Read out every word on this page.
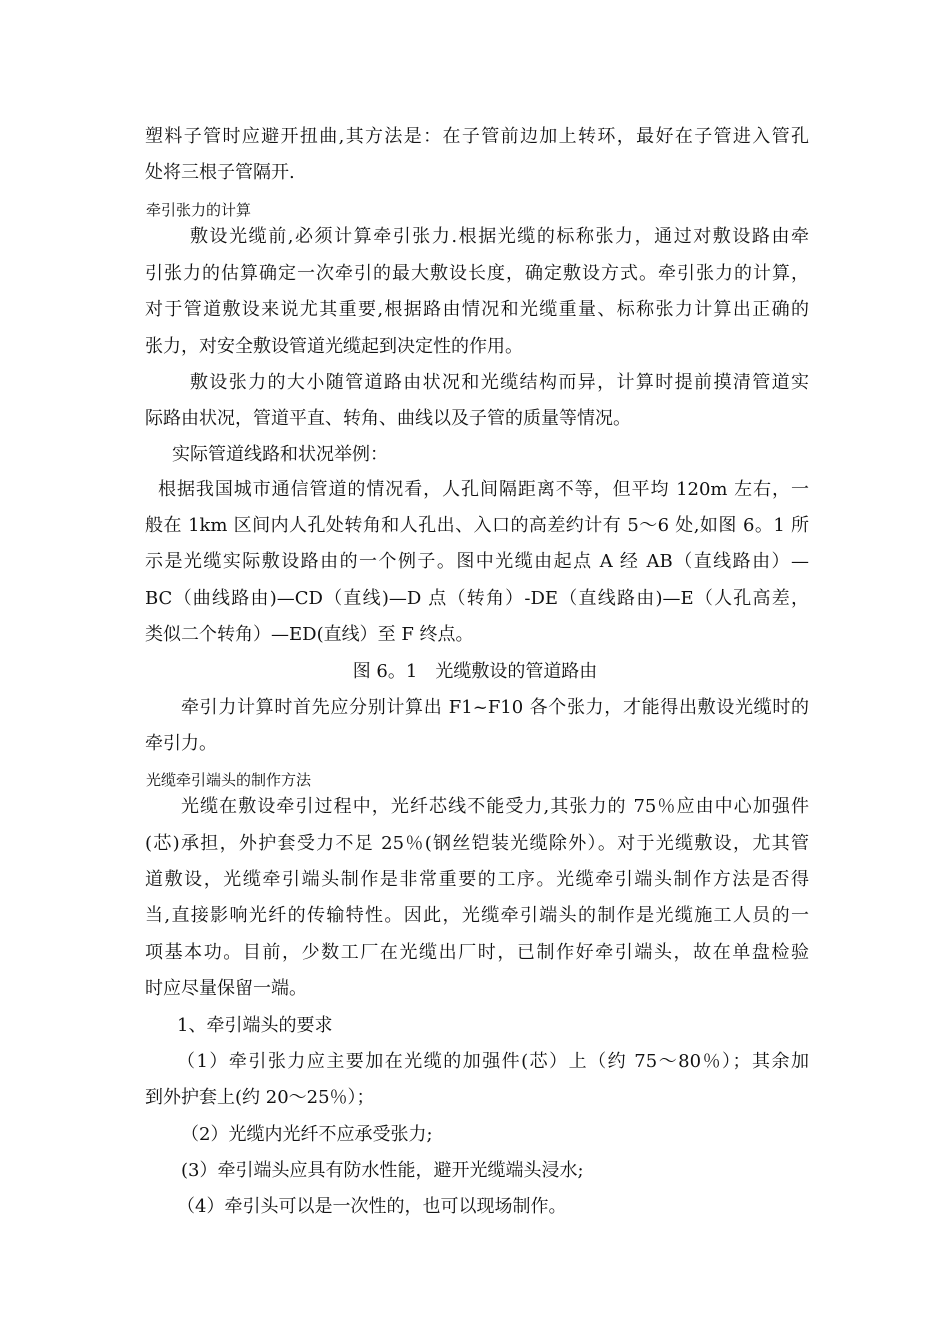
塑料子管时应避开扭曲,其方法是：在子管前边加上转环，最好在子管进入管孔
处将三根子管隔开.
牵引张力的计算
敷设光缆前,必须计算牵引张力.根据光缆的标称张力，通过对敷设路由牵
引张力的估算确定一次牵引的最大敷设长度，确定敷设方式。牵引张力的计算，
对于管道敷设来说尤其重要,根据路由情况和光缆重量、标称张力计算出正确的
张力，对安全敷设管道光缆起到决定性的作用。
敷设张力的大小随管道路由状况和光缆结构而异，计算时提前摸清管道实
际路由状况，管道平直、转角、曲线以及子管的质量等情况。
实际管道线路和状况举例：
根据我国城市通信管道的情况看，人孔间隔距离不等，但平均 120m 左右，一
般在 1km 区间内人孔处转角和人孔出、入口的高差约计有 5～6 处,如图 6。1 所
示是光缆实际敷设路由的一个例子。图中光缆由起点 A 经 AB（直线路由）—
BC（曲线路由)—CD（直线)—D 点（转角）-DE（直线路由)—E（人孔高差，
类似二个转角）—ED(直线）至 F 终点。
图 6。1　光缆敷设的管道路由
牵引力计算时首先应分别计算出 F1~F10 各个张力，才能得出敷设光缆时的
牵引力。
光缆牵引端头的制作方法
光缆在敷设牵引过程中，光纤芯线不能受力,其张力的 75％应由中心加强件
(芯)承担，外护套受力不足 25％(钢丝铠装光缆除外）。对于光缆敷设，尤其管
道敷设，光缆牵引端头制作是非常重要的工序。光缆牵引端头制作方法是否得
当,直接影响光纤的传输特性。因此，光缆牵引端头的制作是光缆施工人员的一
项基本功。目前，少数工厂在光缆出厂时，已制作好牵引端头，故在单盘检验
时应尽量保留一端。
1、牵引端头的要求
（1）牵引张力应主要加在光缆的加强件(芯）上（约 75～80％）；其余加
到外护套上(约 20～25％）；
（2）光缆内光纤不应承受张力;
(3）牵引端头应具有防水性能，避开光缆端头浸水;
（4）牵引头可以是一次性的，也可以现场制作。
